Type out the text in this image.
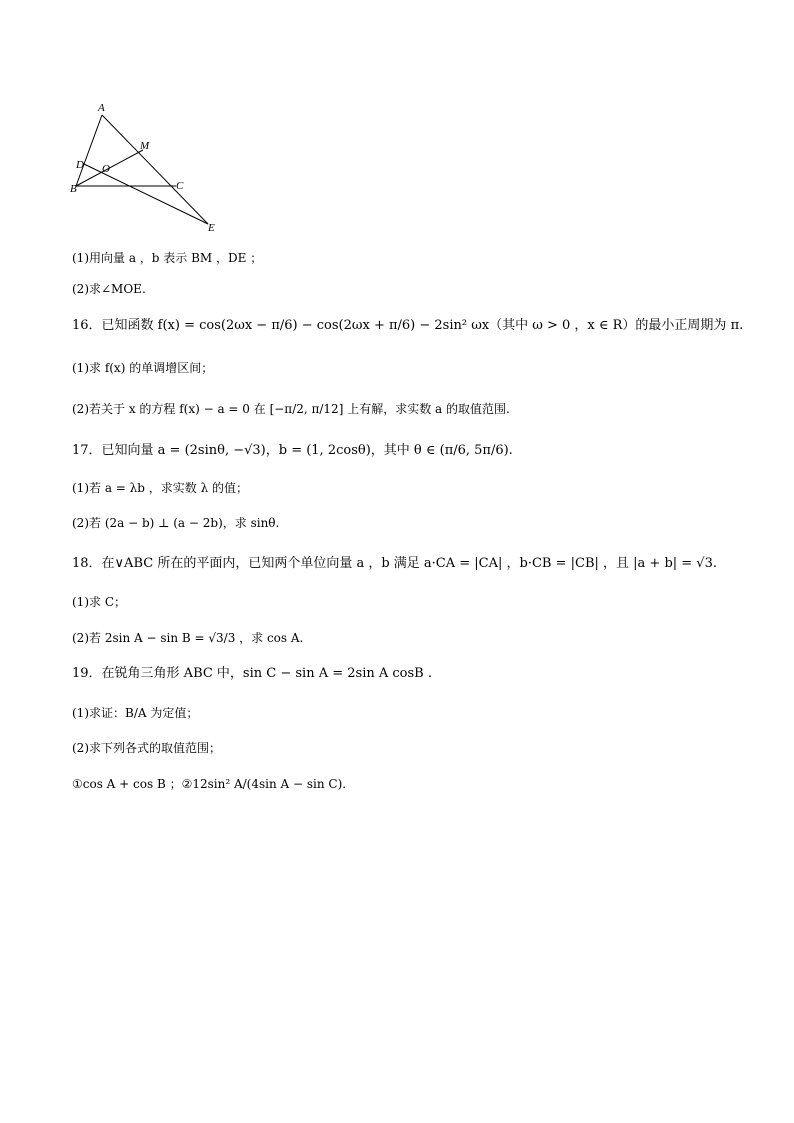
A
M
D O
B	C
E
(1)用向量 a ，b 表示 BM ，DE ；
(2)求∠MOE.
16．已知函数 f(x) = cos(2ωx − π/6) − cos(2ωx + π/6) − 2sin² ωx（其中 ω > 0 ，x ∈ R）的最小正周期为 π.
(1)求 f(x) 的单调增区间；
(2)若关于 x 的方程 f(x) − a = 0 在 [−π/2, π/12] 上有解，求实数 a 的取值范围.
17．已知向量 a = (2sinθ, −√3)，b = (1, 2cosθ)，其中 θ ∈ (π/6, 5π/6).
(1)若 a = λb ，求实数 λ 的值；
(2)若 (2a − b) ⊥ (a − 2b)，求 sinθ.
18．在∨ABC 所在的平面内，已知两个单位向量 a ，b 满足 a·CA = |CA| ，b·CB = |CB| ，且 |a + b| = √3.
(1)求 C；
(2)若 2sin A − sin B = √3/3 ，求 cos A.
19．在锐角三角形 ABC 中，sin C − sin A = 2sin A cosB .
(1)求证：B/A 为定值；
(2)求下列各式的取值范围；
①cos A + cos B ；②12sin² A/(4sin A − sin C).
